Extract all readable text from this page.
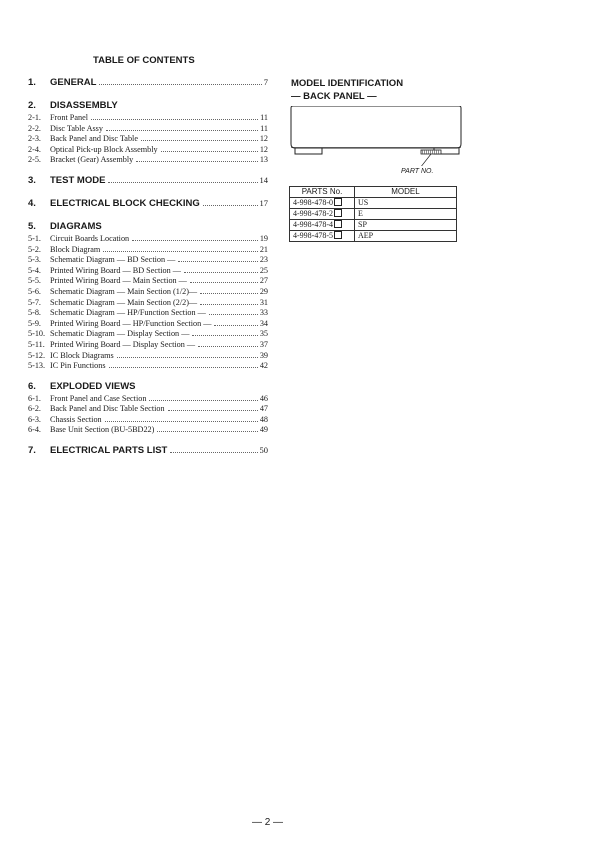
TABLE OF CONTENTS
1.	GENERAL	7
2.	DISASSEMBLY
2-1.	Front Panel	11
2-2.	Disc Table Assy	11
2-3.	Back Panel and Disc Table	12
2-4.	Optical Pick-up Block Assembly	12
2-5.	Bracket (Gear) Assembly	13
3.	TEST MODE	14
4.	ELECTRICAL BLOCK CHECKING	17
5.	DIAGRAMS
5-1.	Circuit Boards Location	19
5-2.	Block Diagram	21
5-3.	Schematic Diagram — BD Section —	23
5-4.	Printed Wiring Board — BD Section —	25
5-5.	Printed Wiring Board — Main Section —	27
5-6.	Schematic Diagram — Main Section (1/2)—	29
5-7.	Schematic Diagram — Main Section (2/2)—	31
5-8.	Schematic Diagram — HP/Function Section —	33
5-9.	Printed Wiring Board — HP/Function Section —	34
5-10. Schematic Diagram — Display Section —	35
5-11. Printed Wiring Board — Display Section —	37
5-12. IC Block Diagrams	39
5-13. IC Pin Functions	42
6.	EXPLODED VIEWS
6-1.	Front Panel and Case Section	46
6-2.	Back Panel and Disc Table Section	47
6-3.	Chassis Section	48
6-4.	Base Unit Section (BU-5BD22)	49
7.	ELECTRICAL PARTS LIST	50
MODEL IDENTIFICATION
— BACK PANEL —
PART NO.
PARTS No.	MODEL
4-998-478-0	US
4-998-478-2	E
4-998-478-4	SP
4-998-478-5	AEP
— 2 —
